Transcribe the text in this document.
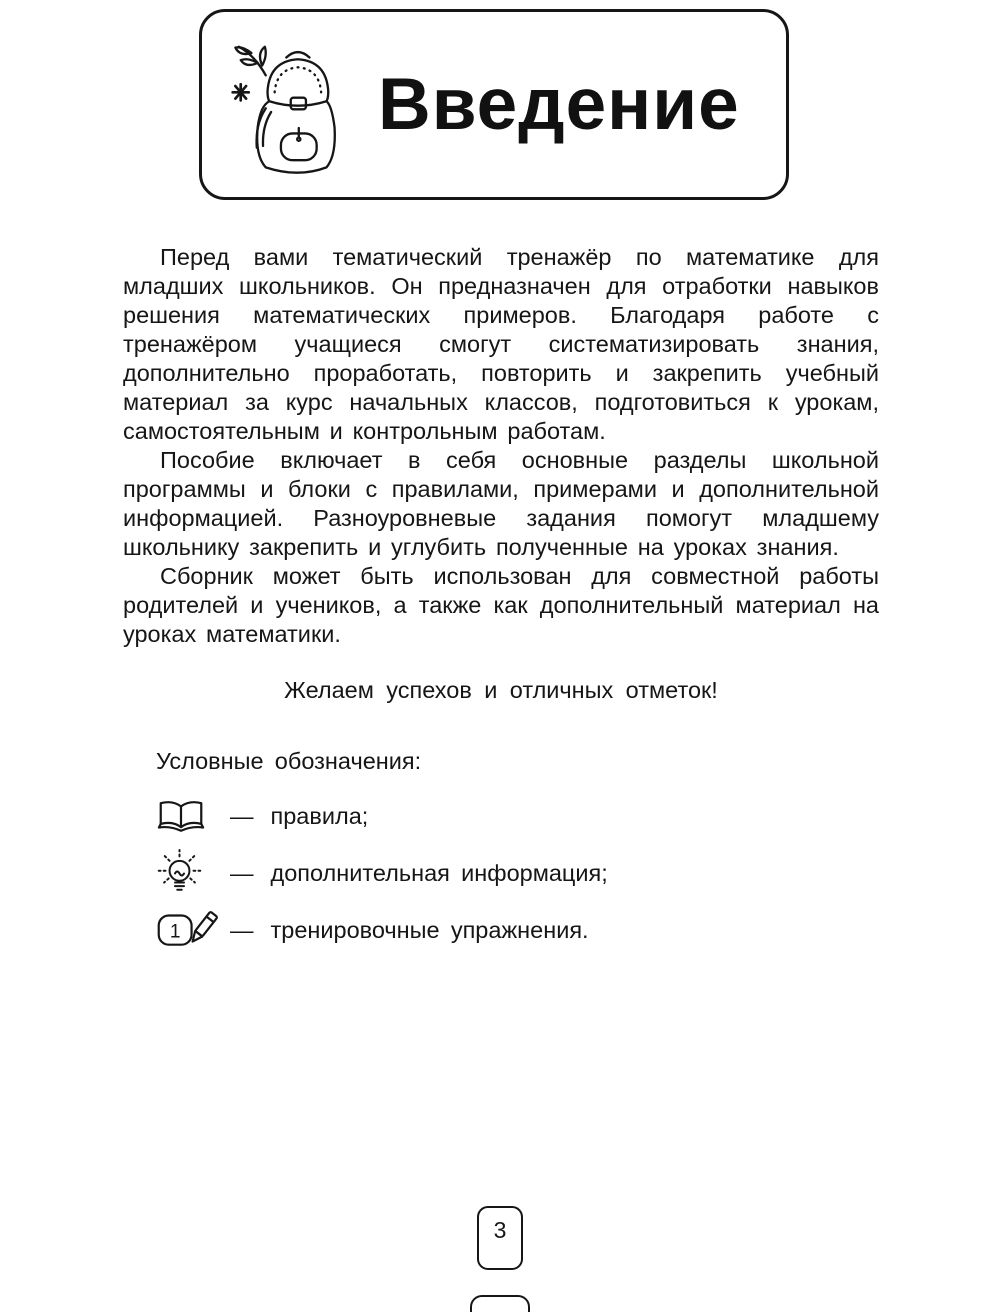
Введение

Перед вами тематический тренажёр по математике для младших школьников. Он предназначен для отработки навыков решения математических примеров. Благодаря работе с тренажёром учащиеся смогут систематизировать знания, дополнительно проработать, повторить и закрепить учебный материал за курс начальных классов, подготовиться к урокам, самостоятельным и контрольным работам.

Пособие включает в себя основные разделы школьной программы и блоки с правилами, примерами и дополнительной информацией. Разноуровневые задания помогут младшему школьнику закрепить и углубить полученные на уроках знания.

Сборник может быть использован для совместной работы родителей и учеников, а также как дополнительный материал на уроках математики.

Желаем успехов и отличных отметок!

Условные обозначения:

— правила;
— дополнительная информация;
1 — тренировочные упражнения.
3
